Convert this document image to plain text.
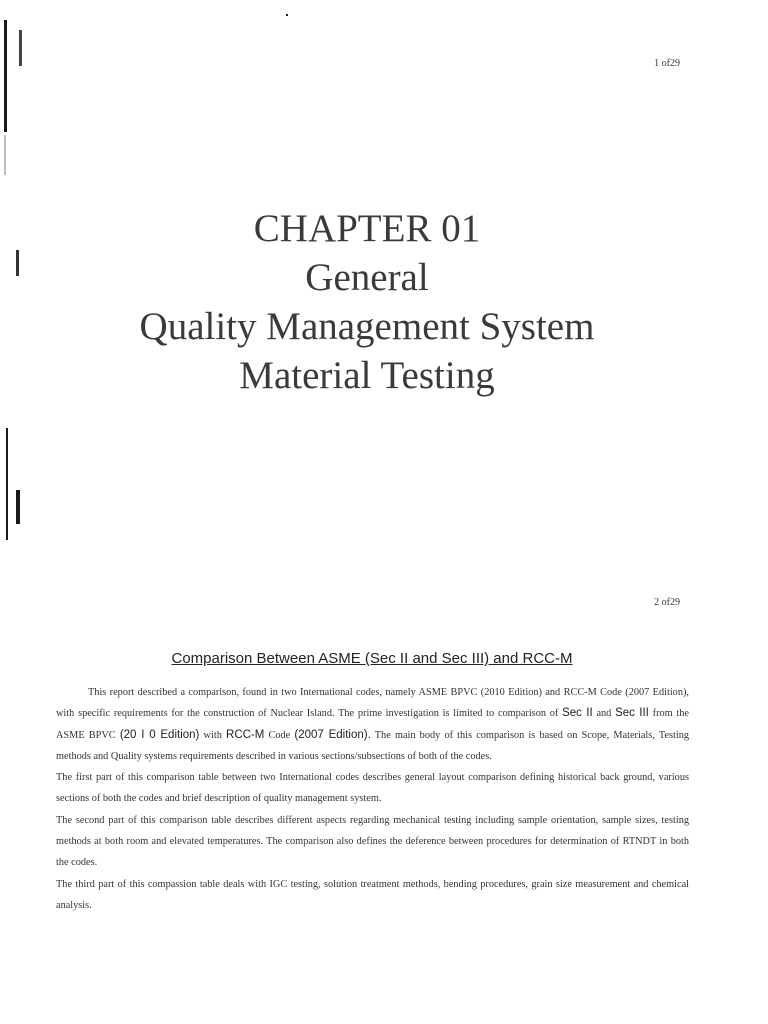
1 of29
CHAPTER 01
General
Quality Management System
Material Testing
2 of29
Comparison Between ASME (Sec II and Sec III) and RCC-M

This report described a comparison, found in two International codes, namely ASME BPVC (2010 Edition) and RCC-M Code (2007 Edition), with specific requirements for the construction of Nuclear Island. The prime investigation is limited to comparison of Sec II and Sec III from the ASME BPVC (20 I 0 Edition) with RCC-M Code (2007 Edition). The main body of this comparison is based on Scope, Materials, Testing methods and Quality systems requirements described in various sections/subsections of both of the codes.

The first part of this comparison table between two International codes describes general layout comparison defining historical back ground, various sections of both the codes and brief description of quality management system.

The second part of this comparison table describes different aspects regarding mechanical testing including sample orientation, sample sizes, testing methods at both room and elevated temperatures. The comparison also defines the deference between procedures for determination of RTNDT in both the codes.

The third part of this compassion table deals with IGC testing, solution treatment methods, bending procedures, grain size measurement and chemical analysis.
